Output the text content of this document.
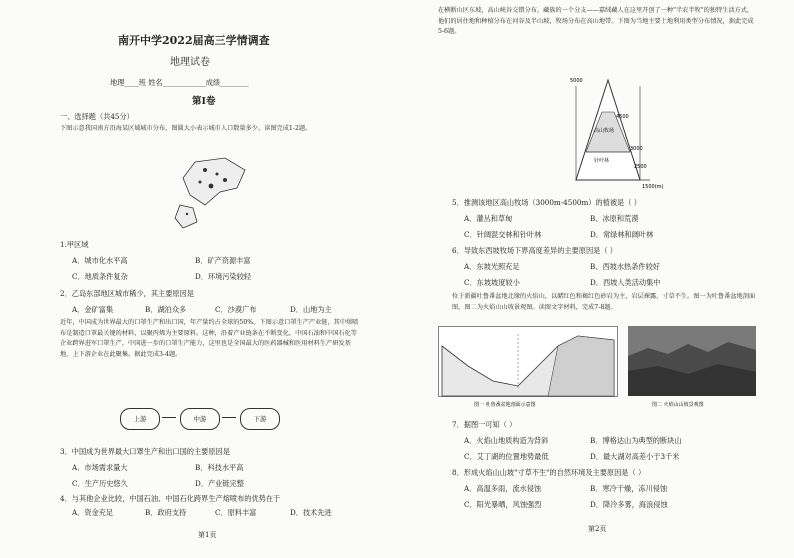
南开中学2022届高三学情调查
地理试卷
地理____班 姓名____________成绩________
第Ⅰ卷
一、选择题（共45分）
下图示意我国南方沿海某区域城市分布，图圆大小表示城市人口数量多少。读图完成1-2题。
1.甲区域
A．城市化水平高	B．矿产资源丰富
C．地质条件复杂	D．环境污染较轻
2．乙岛东部地区城市稀少，其主要原因是
A．金矿富集	B．湖泊众多	C．沙漠广布	D．山地为主
近年，中国成为世界最大的口罩生产和出口国，年产量约占全球的50%。下图示意口罩生产产业链，其中熔喷布是制造口罩最关键的材料，以聚丙烯为主要原料。这种，沿着产业链条在不断变化。中国石油和中国石化等企业跨界进军口罩生产，中国进一步的口罩生产能力，这里也是全国最大的医药器械和医用材料生产研发基地，上下游企业在此聚集。据此完成3-4题。
上游	中游	下游
3．中国成为世界最大口罩生产和出口国的主要原因是
A．市场需求量大	B．科技水平高
C．生产历史悠久	D．产业链完整
4．与其他企业比较，中国石油、中国石化跨界生产熔喷布的优势在于
A．资金充足	B．政府支持	C．原料丰富	D．技术先进
第1页
在横断山区东坡，高山峡谷交错分布，藏族的一个分支——嘉绒藏人在这里开创了一种"半农半牧"的独特生活方式，他们的居住地和种植分布在河谷及半山坡，牧场分布在高山地带。下图为当地主要土地利用类型分布情况，据此完成5-6题。
5000
4500
高山牧场
3000
针叶林
2500
1500(m)
5．推测该地区高山牧场（3000m-4500m）的植被是（ ）
A．灌丛和草甸	B．冰原和荒漠
C．针阔混交林和针叶林	D．常绿林和阔叶林
6．导致东西坡牧场下界高度差异的主要原因是（ ）
A．东坡光照充足	B．西坡水热条件较好
C．东坡坡度较小	D．西坡人类活动集中
位于新疆吐鲁番盆地北缘的火焰山，以赭红色和褐红色砂岩为主，岩层裸露，寸草不生。图一为吐鲁番盆地剖面图，图二为火焰山山坡景观图。读图文字材料，完成7-8题。
图一 吐鲁番盆地剖面示意图	图二 火焰山山坡景观图
7．据图一可知（ ）
A．火焰山地质构造为背斜	B．博格达山为典型的断块山
C．艾丁湖的位置地势最低	D．最大湖对高差小于3千米
8．形成火焰山山坡"寸草不生"的自然环境及主要原因是（ ）
A．高温多雨，流水侵蚀	B．寒冷干燥，冻川侵蚀
C．阳光暴晒，风蚀强烈	D．降冷多雾，海浪侵蚀
第2页
